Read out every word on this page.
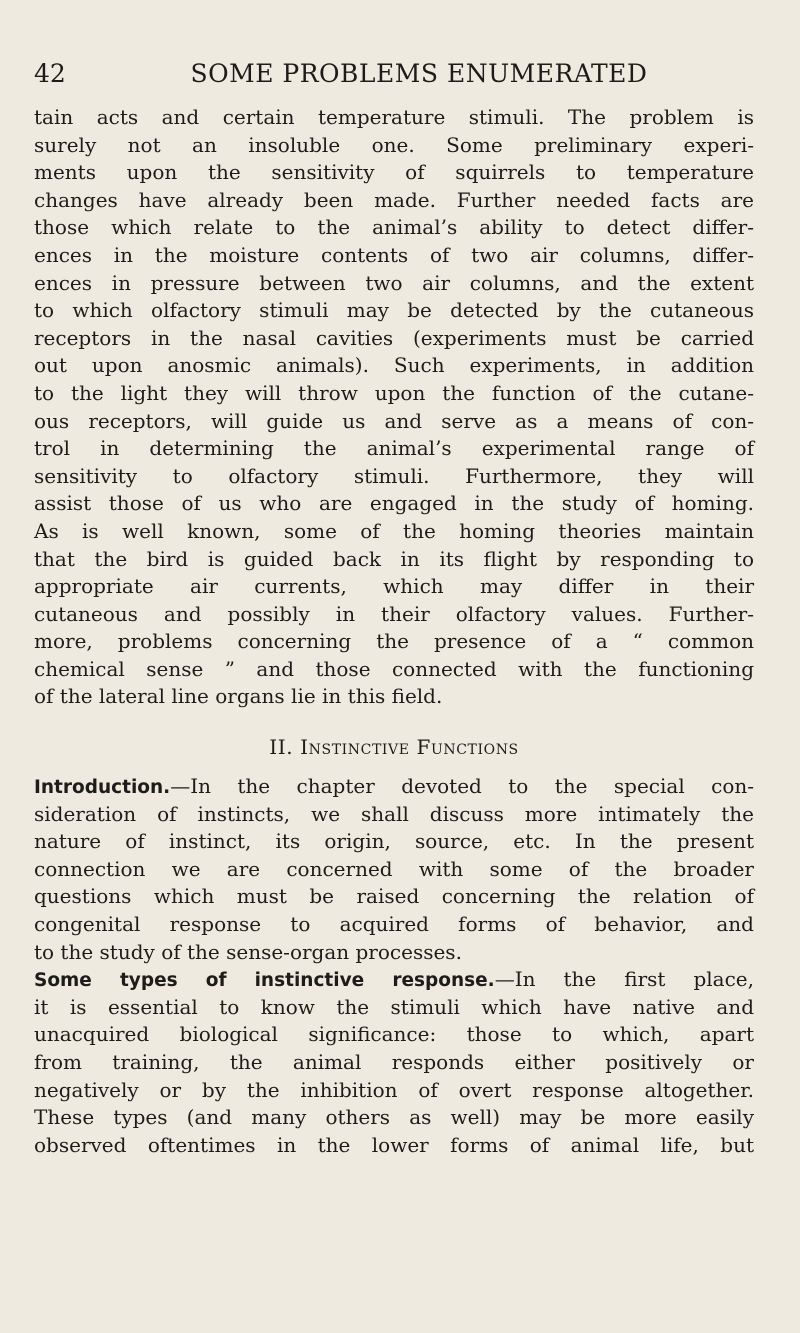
42	SOME PROBLEMS ENUMERATED
tain acts and certain temperature stimuli. The problem is
surely not an insoluble one. Some preliminary experi-
ments upon the sensitivity of squirrels to temperature
changes have already been made. Further needed facts are
those which relate to the animal’s ability to detect differ-
ences in the moisture contents of two air columns, differ-
ences in pressure between two air columns, and the extent
to which olfactory stimuli may be detected by the cutaneous
receptors in the nasal cavities (experiments must be carried
out upon anosmic animals). Such experiments, in addition
to the light they will throw upon the function of the cutane-
ous receptors, will guide us and serve as a means of con-
trol in determining the animal’s experimental range of
sensitivity to olfactory stimuli. Furthermore, they will
assist those of us who are engaged in the study of homing.
As is well known, some of the homing theories maintain
that the bird is guided back in its flight by responding to
appropriate air currents, which may differ in their
cutaneous and possibly in their olfactory values. Further-
more, problems concerning the presence of a “ common
chemical sense ” and those connected with the functioning
of the lateral line organs lie in this field.
II. Instinctive Functions
Introduction.—In the chapter devoted to the special con-
sideration of instincts, we shall discuss more intimately the
nature of instinct, its origin, source, etc. In the present
connection we are concerned with some of the broader
questions which must be raised concerning the relation of
congenital response to acquired forms of behavior, and
to the study of the sense-organ processes.
Some types of instinctive response.—In the first place,
it is essential to know the stimuli which have native and
unacquired biological significance: those to which, apart
from training, the animal responds either positively or
negatively or by the inhibition of overt response altogether.
These types (and many others as well) may be more easily
observed oftentimes in the lower forms of animal life, but
